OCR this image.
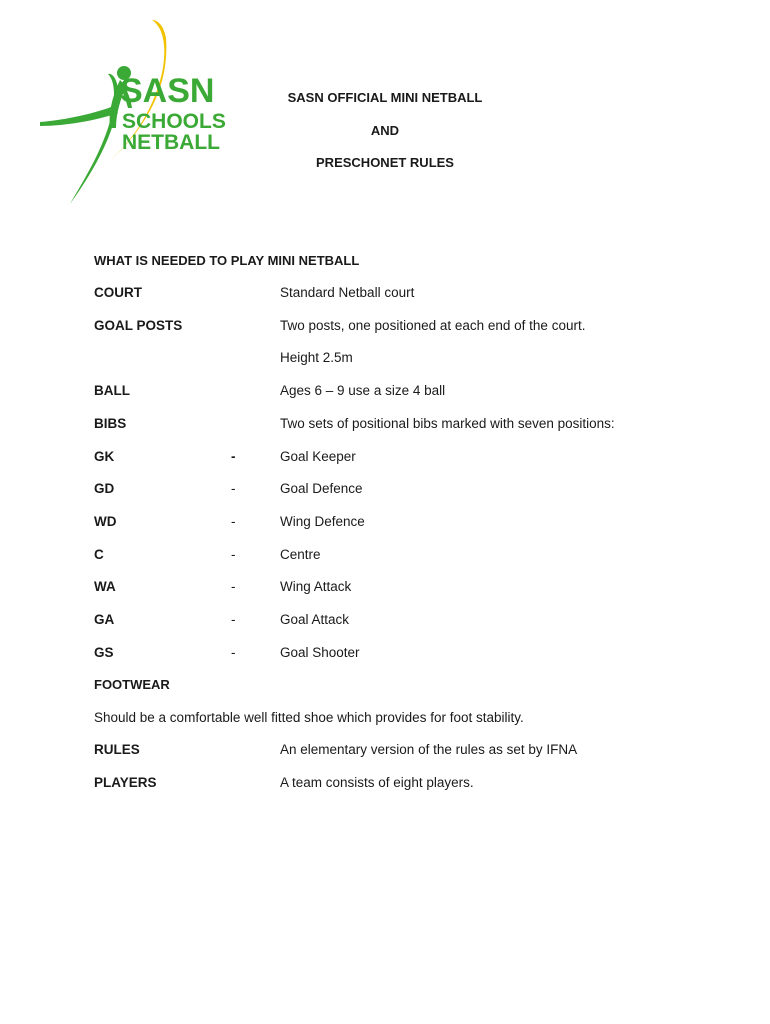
SASN
SCHOOLS
NETBALL
SASN OFFICIAL MINI NETBALL
AND
PRESCHONET RULES
WHAT IS NEEDED TO PLAY MINI NETBALL
COURT	Standard Netball court
GOAL POSTS	Two posts, one positioned at each end of the court.
Height 2.5m
BALL	Ages 6 – 9 use a size 4 ball
BIBS	Two sets of positional bibs marked with seven positions:
GK	-	Goal Keeper
GD	-	Goal Defence
WD	-	Wing Defence
C	-	Centre
WA	-	Wing Attack
GA	-	Goal Attack
GS	-	Goal Shooter
FOOTWEAR
Should be a comfortable well fitted shoe which provides for foot stability.
RULES	An elementary version of the rules as set by IFNA
PLAYERS	A team consists of eight players.
